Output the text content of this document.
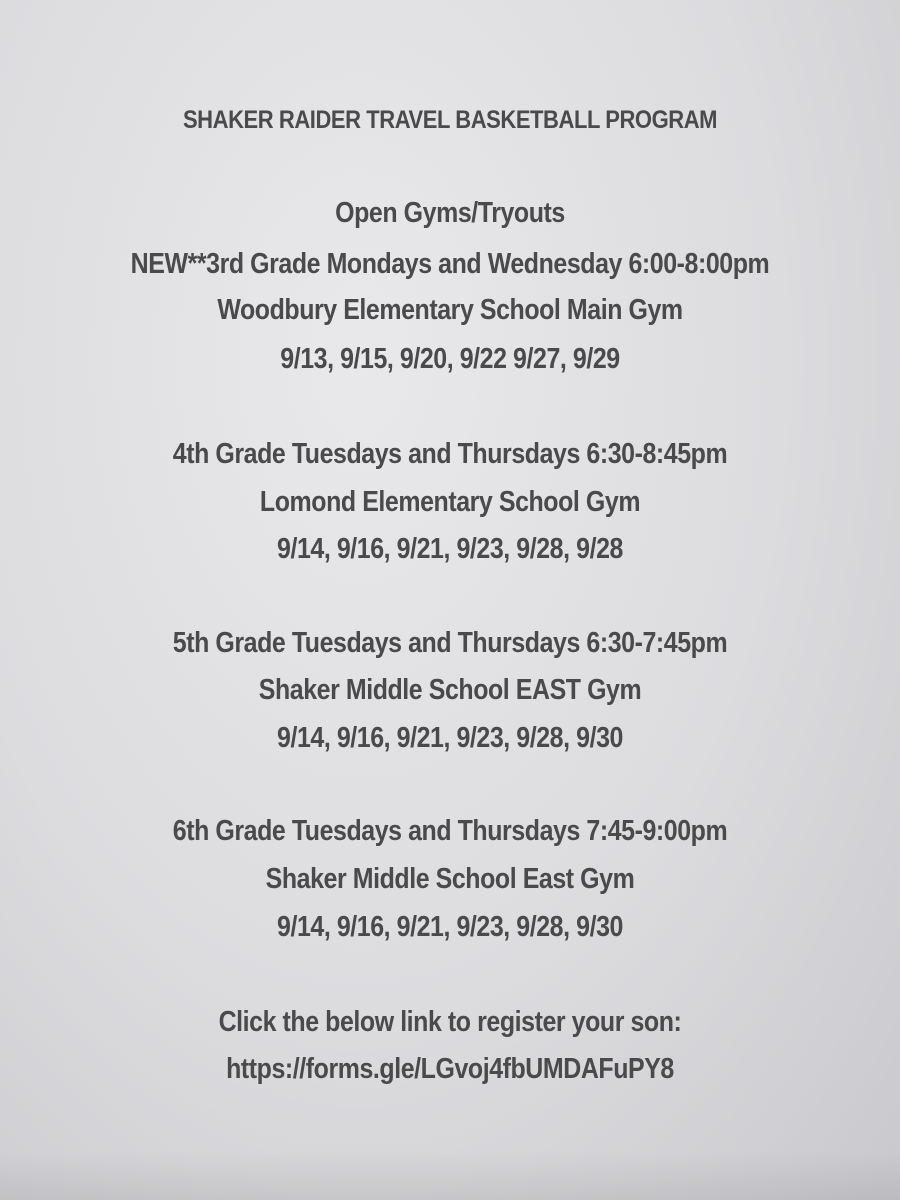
SHAKER RAIDER TRAVEL BASKETBALL PROGRAM
Open Gyms/Tryouts
NEW**3rd Grade Mondays and Wednesday 6:00-8:00pm
Woodbury Elementary School Main Gym
9/13, 9/15, 9/20, 9/22 9/27, 9/29
4th Grade Tuesdays and Thursdays 6:30-8:45pm
Lomond Elementary School Gym
9/14, 9/16, 9/21, 9/23, 9/28, 9/28
5th Grade Tuesdays and Thursdays 6:30-7:45pm
Shaker Middle School EAST Gym
9/14, 9/16, 9/21, 9/23, 9/28, 9/30
6th Grade Tuesdays and Thursdays 7:45-9:00pm
Shaker Middle School East Gym
9/14, 9/16, 9/21, 9/23, 9/28, 9/30
Click the below link to register your son:
https://forms.gle/LGvoj4fbUMDAFuPY8
